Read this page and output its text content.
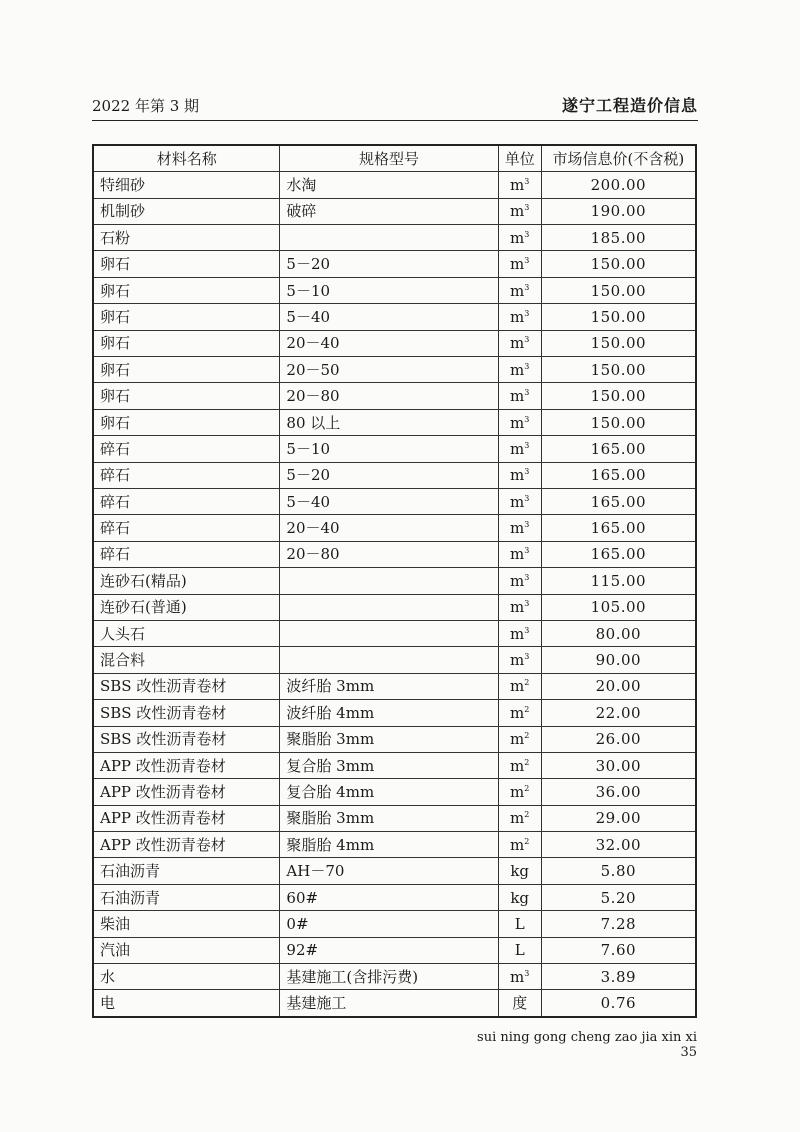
2022 年第 3 期	遂宁工程造价信息
材料名称	规格型号	单位	市场信息价(不含税)
特细砂	水淘	$m^3$	200.00
机制砂	破碎	$m^3$	190.00
石粉		$m^3$	185.00
卵石	5－20	$m^3$	150.00
卵石	5－10	$m^3$	150.00
卵石	5－40	$m^3$	150.00
卵石	20－40	$m^3$	150.00
卵石	20－50	$m^3$	150.00
卵石	20－80	$m^3$	150.00
卵石	80 以上	$m^3$	150.00
碎石	5－10	$m^3$	165.00
碎石	5－20	$m^3$	165.00
碎石	5－40	$m^3$	165.00
碎石	20－40	$m^3$	165.00
碎石	20－80	$m^3$	165.00
连砂石(精品)		$m^3$	115.00
连砂石(普通)		$m^3$	105.00
人头石		$m^3$	80.00
混合料		$m^3$	90.00
SBS 改性沥青卷材	波纤胎 3mm	$m^2$	20.00
SBS 改性沥青卷材	波纤胎 4mm	$m^2$	22.00
SBS 改性沥青卷材	聚脂胎 3mm	$m^2$	26.00
APP 改性沥青卷材	复合胎 3mm	$m^2$	30.00
APP 改性沥青卷材	复合胎 4mm	$m^2$	36.00
APP 改性沥青卷材	聚脂胎 3mm	$m^2$	29.00
APP 改性沥青卷材	聚脂胎 4mm	$m^2$	32.00
石油沥青	AH－70	kg	5.80
石油沥青	60#	kg	5.20
柴油	0#	L	7.28
汽油	92#	L	7.60
水	基建施工(含排污费)	$m^3$	3.89
电	基建施工	度	0.76
sui ning gong cheng zao jia xin xi 35
